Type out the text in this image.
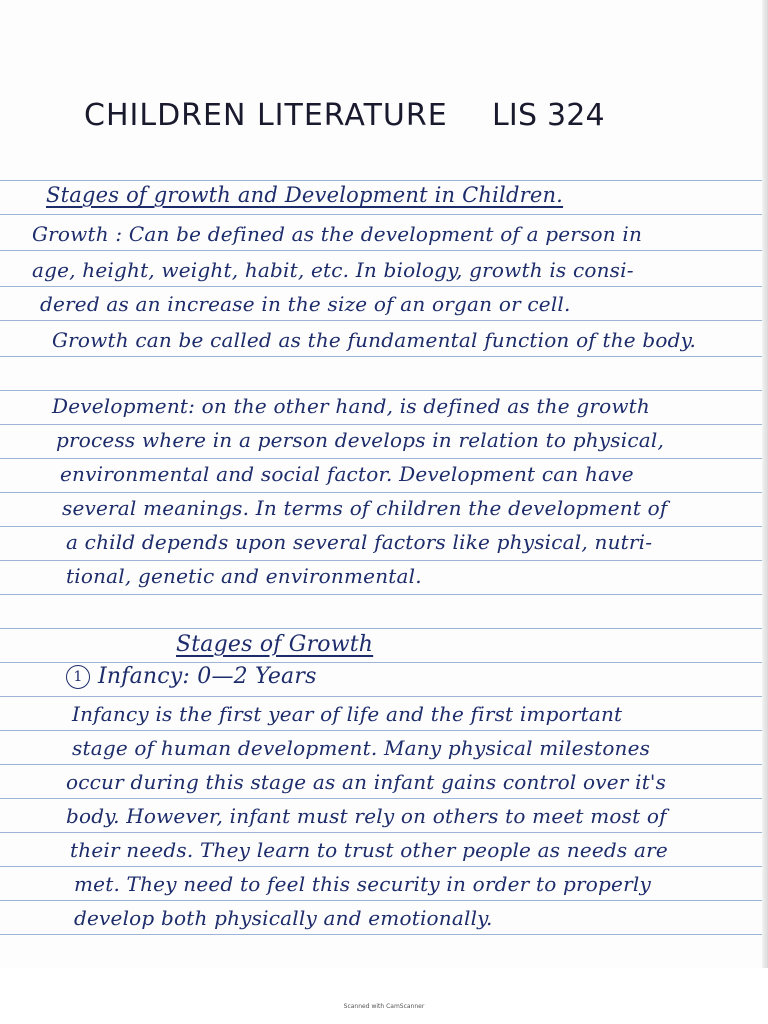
CHILDREN LITERATURE LIS 324
Stages of growth and Development in Children.
Growth : Can be defined as the development of a person in
age, height, weight, habit, etc. In biology, growth is consi-
dered as an increase in the size of an organ or cell.
Growth can be called as the fundamental function of the body.
Development: on the other hand, is defined as the growth
process where in a person develops in relation to physical,
environmental and social factor. Development can have
several meanings. In terms of children the development of
a child depends upon several factors like physical, nutri-
tional, genetic and environmental.
Stages of Growth
1 Infancy: 0—2 Years
Infancy is the first year of life and the first important
stage of human development. Many physical milestones
occur during this stage as an infant gains control over it's
body. However, infant must rely on others to meet most of
their needs. They learn to trust other people as needs are
met. They need to feel this security in order to properly
develop both physically and emotionally.
Scanned with CamScanner
